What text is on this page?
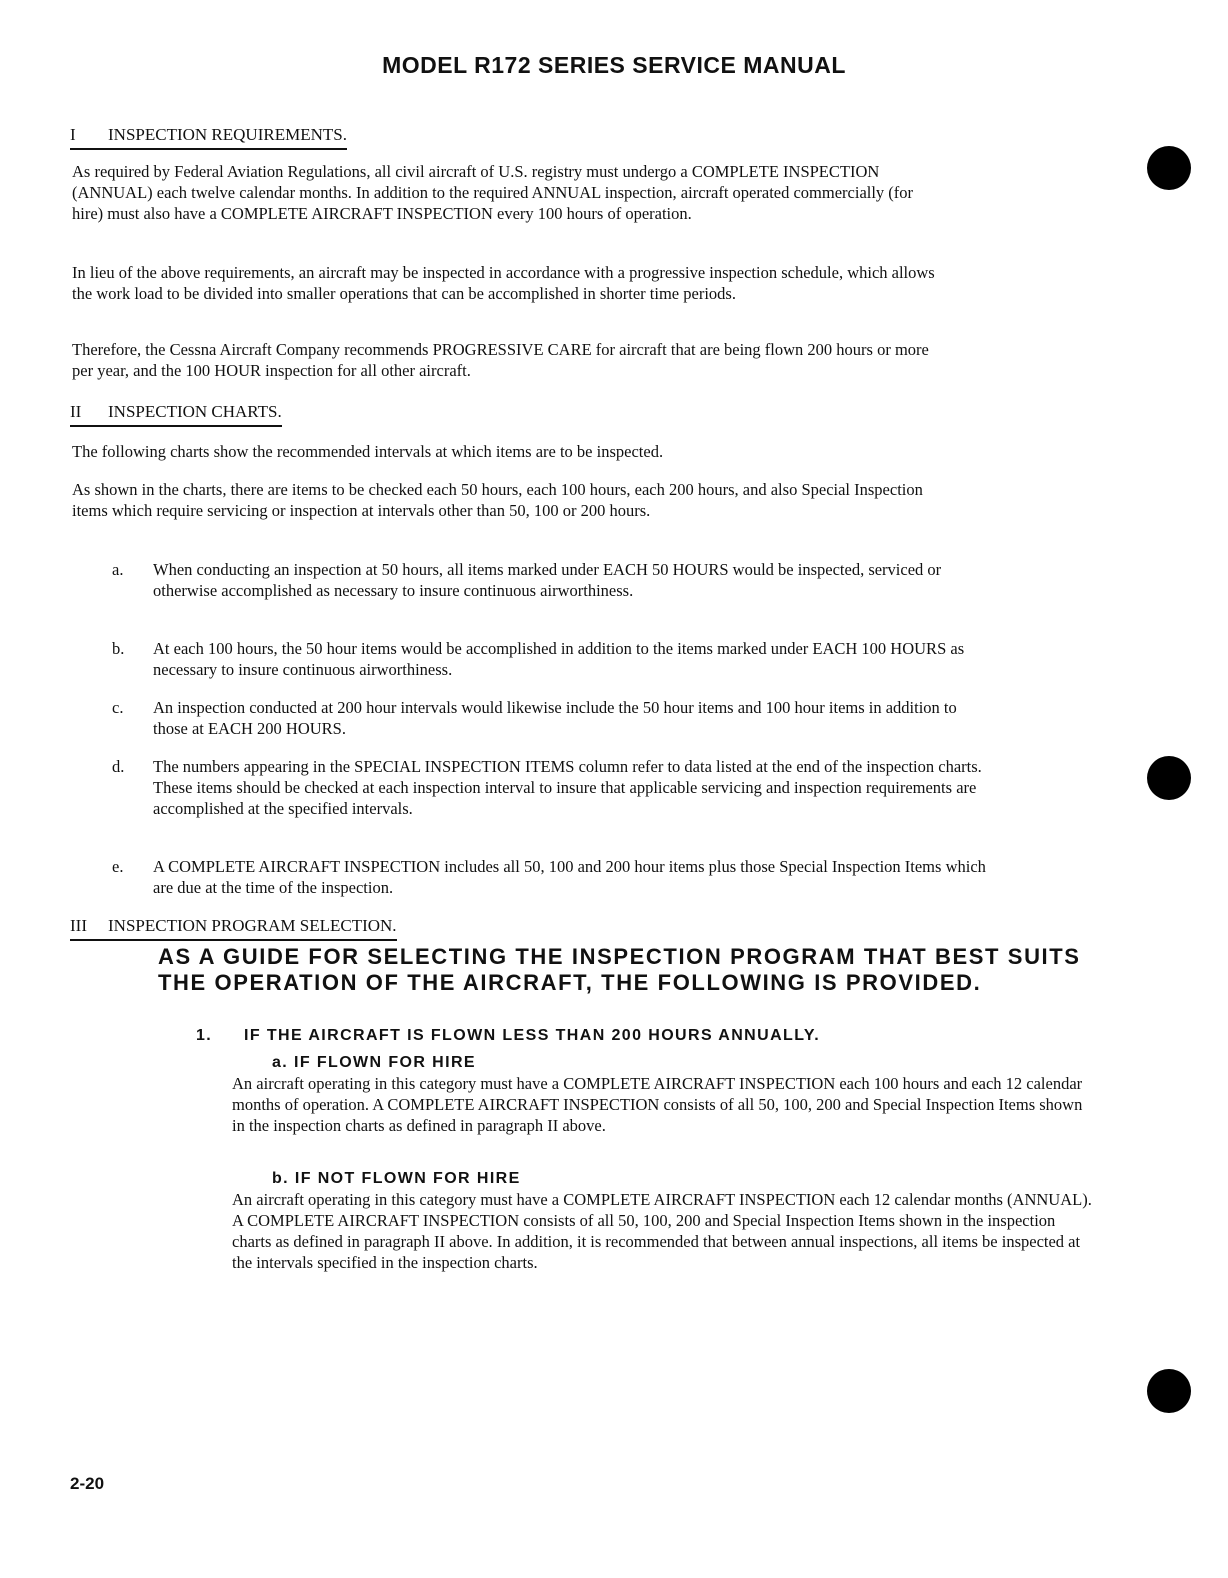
MODEL R172 SERIES SERVICE MANUAL
I INSPECTION REQUIREMENTS.

As required by Federal Aviation Regulations, all civil aircraft of U.S. registry must undergo a COMPLETE INSPECTION (ANNUAL) each twelve calendar months. In addition to the required ANNUAL inspection, aircraft operated commercially (for hire) must also have a COMPLETE AIRCRAFT INSPECTION every 100 hours of operation.

In lieu of the above requirements, an aircraft may be inspected in accordance with a progressive inspection schedule, which allows the work load to be divided into smaller operations that can be accomplished in shorter time periods.

Therefore, the Cessna Aircraft Company recommends PROGRESSIVE CARE for aircraft that are being flown 200 hours or more per year, and the 100 HOUR inspection for all other aircraft.

II INSPECTION CHARTS.

The following charts show the recommended intervals at which items are to be inspected.

As shown in the charts, there are items to be checked each 50 hours, each 100 hours, each 200 hours, and also Special Inspection items which require servicing or inspection at intervals other than 50, 100 or 200 hours.

a.	When conducting an inspection at 50 hours, all items marked under EACH 50 HOURS would be inspected, serviced or otherwise accomplished as necessary to insure continuous airworthiness.
b.	At each 100 hours, the 50 hour items would be accomplished in addition to the items marked under EACH 100 HOURS as necessary to insure continuous airworthiness.
c.	An inspection conducted at 200 hour intervals would likewise include the 50 hour items and 100 hour items in addition to those at EACH 200 HOURS.
d.	The numbers appearing in the SPECIAL INSPECTION ITEMS column refer to data listed at the end of the inspection charts. These items should be checked at each inspection interval to insure that applicable servicing and inspection requirements are accomplished at the specified intervals.
e.	A COMPLETE AIRCRAFT INSPECTION includes all 50, 100 and 200 hour items plus those Special Inspection Items which are due at the time of the inspection.
III INSPECTION PROGRAM SELECTION.
AS A GUIDE FOR SELECTING THE INSPECTION PROGRAM THAT BEST SUITS THE OPERATION OF THE AIRCRAFT, THE FOLLOWING IS PROVIDED.
1. IF THE AIRCRAFT IS FLOWN LESS THAN 200 HOURS ANNUALLY.
a. IF FLOWN FOR HIRE

An aircraft operating in this category must have a COMPLETE AIRCRAFT INSPECTION each 100 hours and each 12 calendar months of operation. A COMPLETE AIRCRAFT INSPECTION consists of all 50, 100, 200 and Special Inspection Items shown in the inspection charts as defined in paragraph II above.

b. IF NOT FLOWN FOR HIRE

An aircraft operating in this category must have a COMPLETE AIRCRAFT INSPECTION each 12 calendar months (ANNUAL). A COMPLETE AIRCRAFT INSPECTION consists of all 50, 100, 200 and Special Inspection Items shown in the inspection charts as defined in paragraph II above. In addition, it is recommended that between annual inspections, all items be inspected at the intervals specified in the inspection charts.

2-20
